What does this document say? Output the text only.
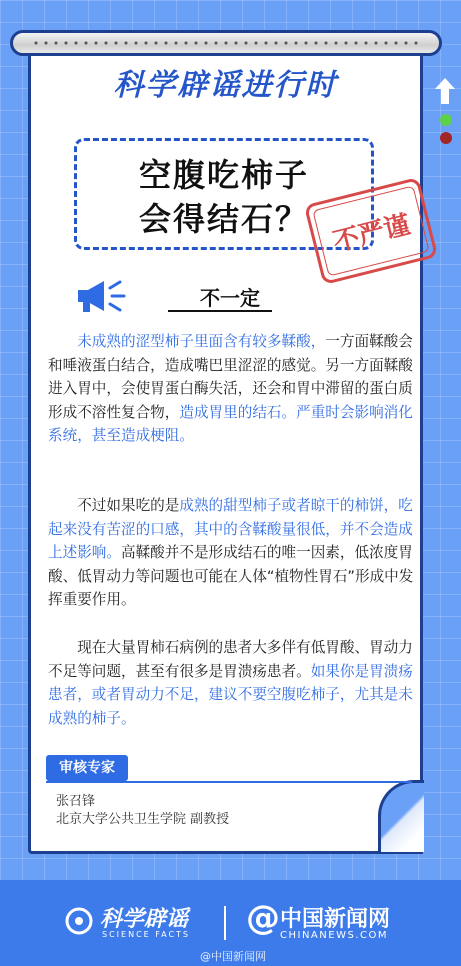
科学辟谣进行时
空腹吃柿子
会得结石？ 不严谨
不一定

未成熟的涩型柿子里面含有较多鞣酸，一方面鞣酸会和唾液蛋白结合，造成嘴巴里涩涩的感觉。另一方面鞣酸进入胃中，会使胃蛋白酶失活，还会和胃中滞留的蛋白质形成不溶性复合物，造成胃里的结石。严重时会影响消化系统，甚至造成梗阻。

不过如果吃的是成熟的甜型柿子或者晾干的柿饼，吃起来没有苦涩的口感，其中的含鞣酸量很低，并不会造成上述影响。高鞣酸并不是形成结石的唯一因素，低浓度胃酸、低胃动力等问题也可能在人体“植物性胃石”形成中发挥重要作用。

现在大量胃柿石病例的患者大多伴有低胃酸、胃动力不足等问题，甚至有很多是胃溃疡患者。如果你是胃溃疡患者，或者胃动力不足，建议不要空腹吃柿子，尤其是未成熟的柿子。

审核专家
张召锋
北京大学公共卫生学院 副教授
科学辟谣
SCIENCE FACTS @ 中国新闻网
CHINANEWS.COM
@中国新闻网
